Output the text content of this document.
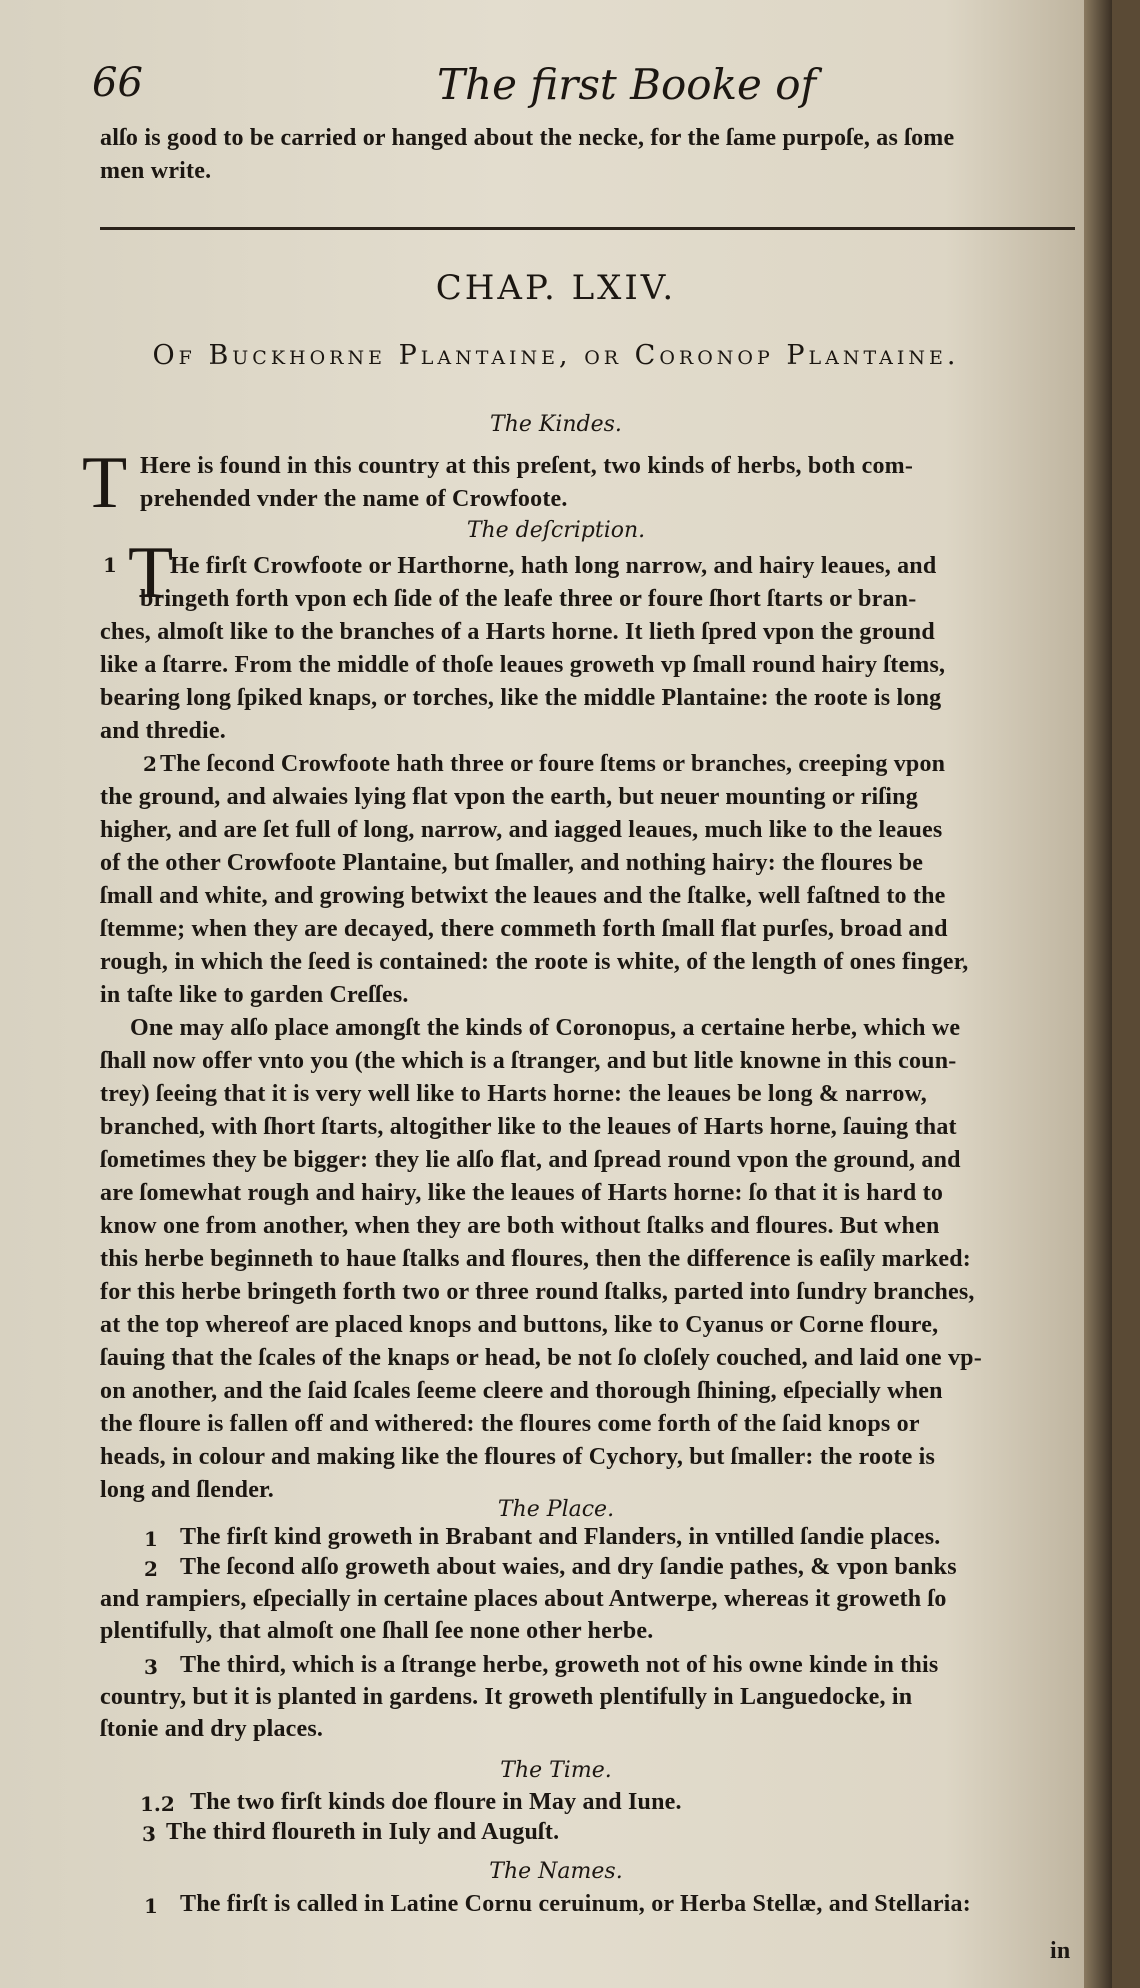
66	The first Booke of
alſo is good to be carried or hanged about the necke, for the ſame purpoſe, as ſome
men write.
CHAP. LXIV.
Of Buckhorne Plantaine, or Coronop Plantaine.
The Kindes.
T Here is found in this country at this preſent, two kinds of herbs, both com‑
prehended vnder the name of Crowfoote.
The deſcription.
1 T
He firſt Crowfoote or Harthorne, hath long narrow, and hairy leaues, and
bringeth forth vpon ech ſide of the leafe three or foure ſhort ſtarts or bran‑
ches, almoſt like to the branches of a Harts horne. It lieth ſpred vpon the ground
like a ſtarre. From the middle of thoſe leaues groweth vp ſmall round hairy ſtems,
bearing long ſpiked knaps, or torches, like the middle Plantaine: the roote is long
and thredie.
2 The ſecond Crowfoote hath three or foure ſtems or branches, creeping vpon
the ground, and alwaies lying flat vpon the earth, but neuer mounting or riſing
higher, and are ſet full of long, narrow, and iagged leaues, much like to the leaues
of the other Crowfoote Plantaine, but ſmaller, and nothing hairy: the floures be
ſmall and white, and growing betwixt the leaues and the ſtalke, well faſtned to the
ſtemme; when they are decayed, there commeth forth ſmall flat purſes, broad and
rough, in which the ſeed is contained: the roote is white, of the length of ones finger,
in taſte like to garden Creſſes.
One may alſo place amongſt the kinds of Coronopus, a certaine herbe, which we
ſhall now offer vnto you (the which is a ſtranger, and but litle knowne in this coun‑
trey) ſeeing that it is very well like to Harts horne: the leaues be long & narrow,
branched, with ſhort ſtarts, altogither like to the leaues of Harts horne, ſauing that
ſometimes they be bigger: they lie alſo flat, and ſpread round vpon the ground, and
are ſomewhat rough and hairy, like the leaues of Harts horne: ſo that it is hard to
know one from another, when they are both without ſtalks and floures. But when
this herbe beginneth to haue ſtalks and floures, then the difference is eaſily marked:
for this herbe bringeth forth two or three round ſtalks, parted into ſundry branches,
at the top whereof are placed knops and buttons, like to Cyanus or Corne floure,
ſauing that the ſcales of the knaps or head, be not ſo cloſely couched, and laid one vp‑
on another, and the ſaid ſcales ſeeme cleere and thorough ſhining, eſpecially when
the floure is fallen off and withered: the floures come forth of the ſaid knops or
heads, in colour and making like the floures of Cychory, but ſmaller: the roote is
long and ſlender.
The Place.
1 The firſt kind groweth in Brabant and Flanders, in vntilled ſandie places.
2 The ſecond alſo groweth about waies, and dry ſandie pathes, & vpon banks
and rampiers, eſpecially in certaine places about Antwerpe, whereas it groweth ſo
plentifully, that almoſt one ſhall ſee none other herbe.
3 The third, which is a ſtrange herbe, groweth not of his owne kinde in this
country, but it is planted in gardens. It groweth plentifully in Languedocke, in
ſtonie and dry places.
The Time.
1.2 The two firſt kinds doe floure in May and Iune.
3 The third floureth in Iuly and Auguſt.
The Names.
1 The firſt is called in Latine Cornu ceruinum, or Herba Stellæ, and Stellaria:
in
